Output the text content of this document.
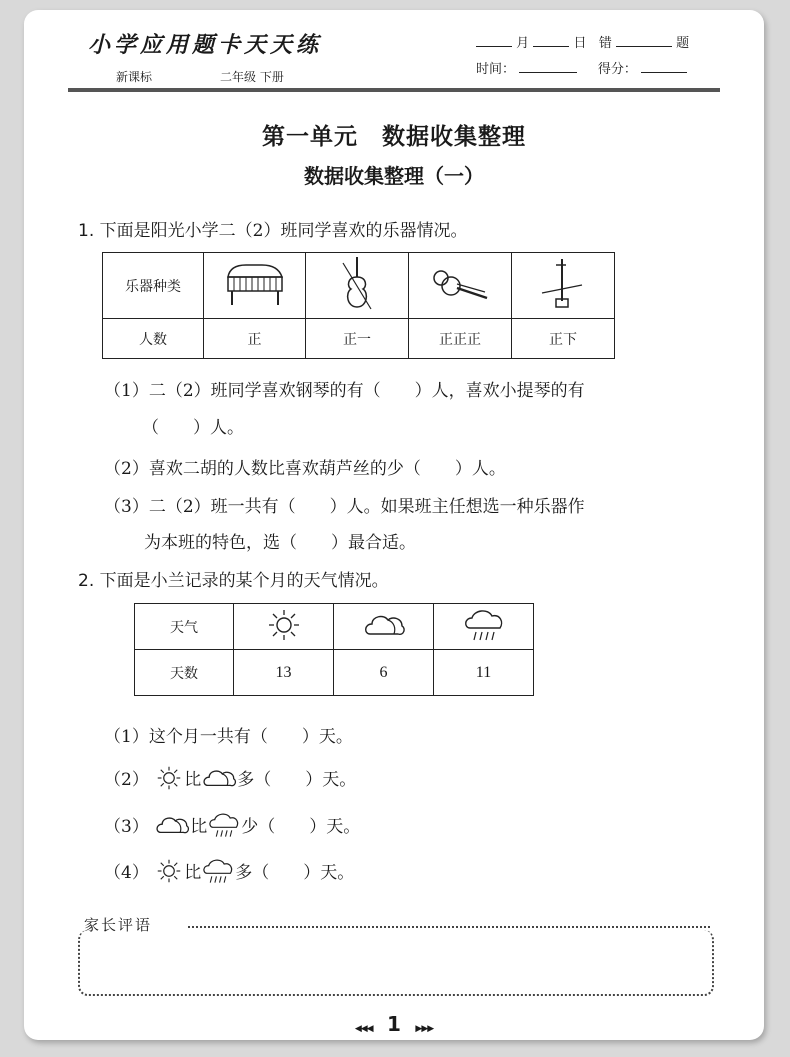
小学应用题卡天天练
新课标	二年级 下册
月	日 错	题
时间：	得分：
第一单元　数据收集整理
数据收集整理（一）
1. 下面是阳光小学二（2）班同学喜欢的乐器情况。
乐器种类				
人数	正	正一	正正正	正下
（1）二（2）班同学喜欢钢琴的有（　　）人，喜欢小提琴的有
（　　）人。
（2）喜欢二胡的人数比喜欢葫芦丝的少（　　）人。
（3）二（2）班一共有（　　）人。如果班主任想选一种乐器作
为本班的特色，选（　　）最合适。
2. 下面是小兰记录的某个月的天气情况。
天气			
天数	13	6	11
（1）这个月一共有（　　）天。
（2） 比 多（　　）天。
（3） 比 少（　　）天。
（4） 比 多（　　）天。
家长评语
◀◀◀ 1 ▶▶▶
